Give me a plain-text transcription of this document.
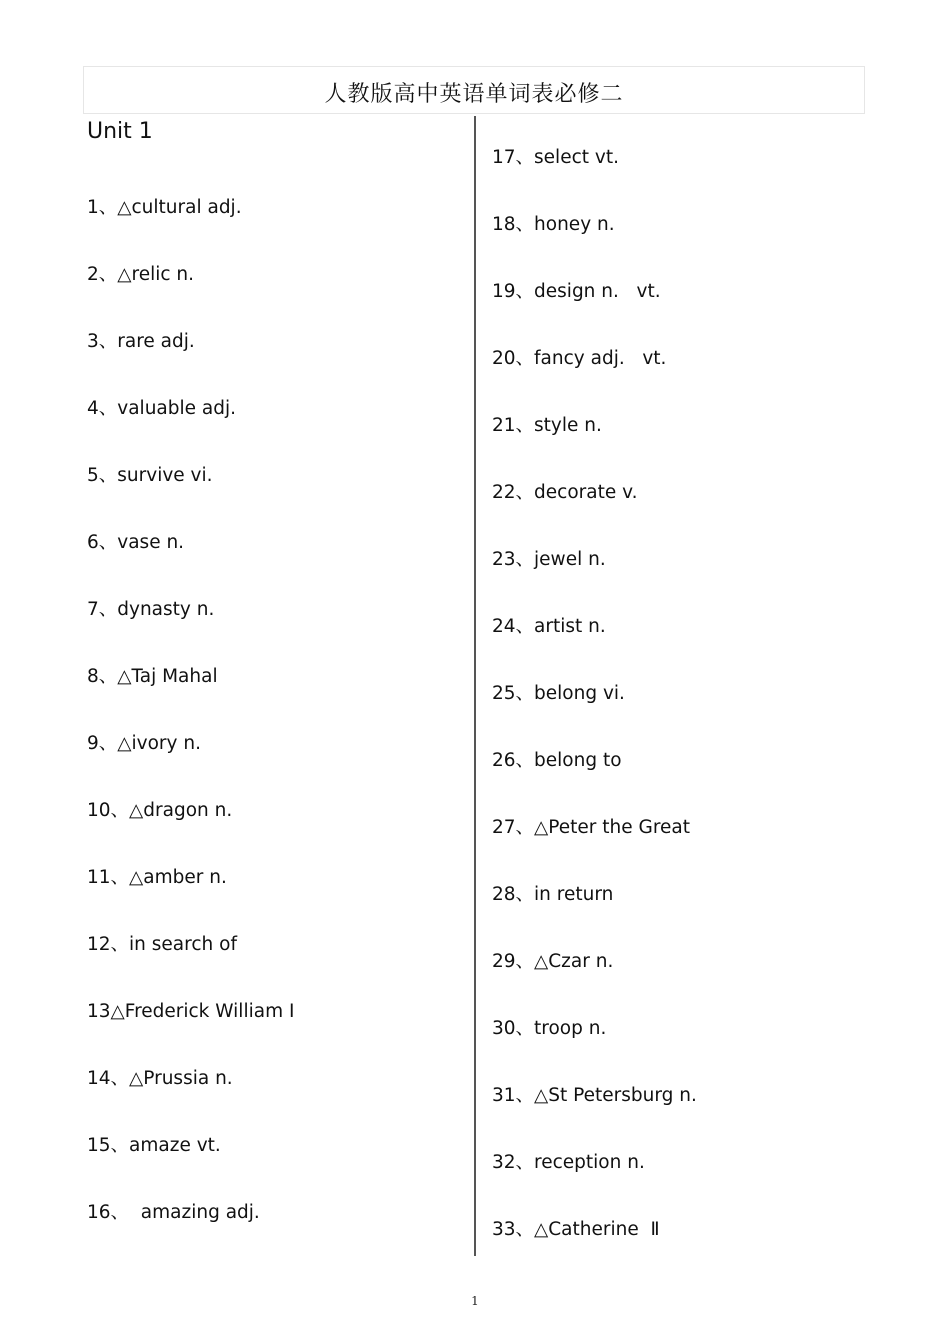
人教版高中英语单词表必修二
Unit 1
1、△cultural adj.
2、△relic n.
3、rare adj.
4、valuable adj.
5、survive vi.
6、vase n.
7、dynasty n.
8、△Taj Mahal
9、△ivory n.
10、△dragon n.
11、△amber n.
12、in search of
13△Frederick William I
14、△Prussia n.
15、amaze vt.
16、  amazing adj.
17、select vt.
18、honey n.
19、design n.   vt.
20、fancy adj.   vt.
21、style n.
22、decorate v.
23、jewel n.
24、artist n.
25、belong vi.
26、belong to
27、△Peter the Great
28、in return
29、△Czar n.
30、troop n.
31、△St Petersburg n.
32、reception n.
33、△Catherine  Ⅱ
1
